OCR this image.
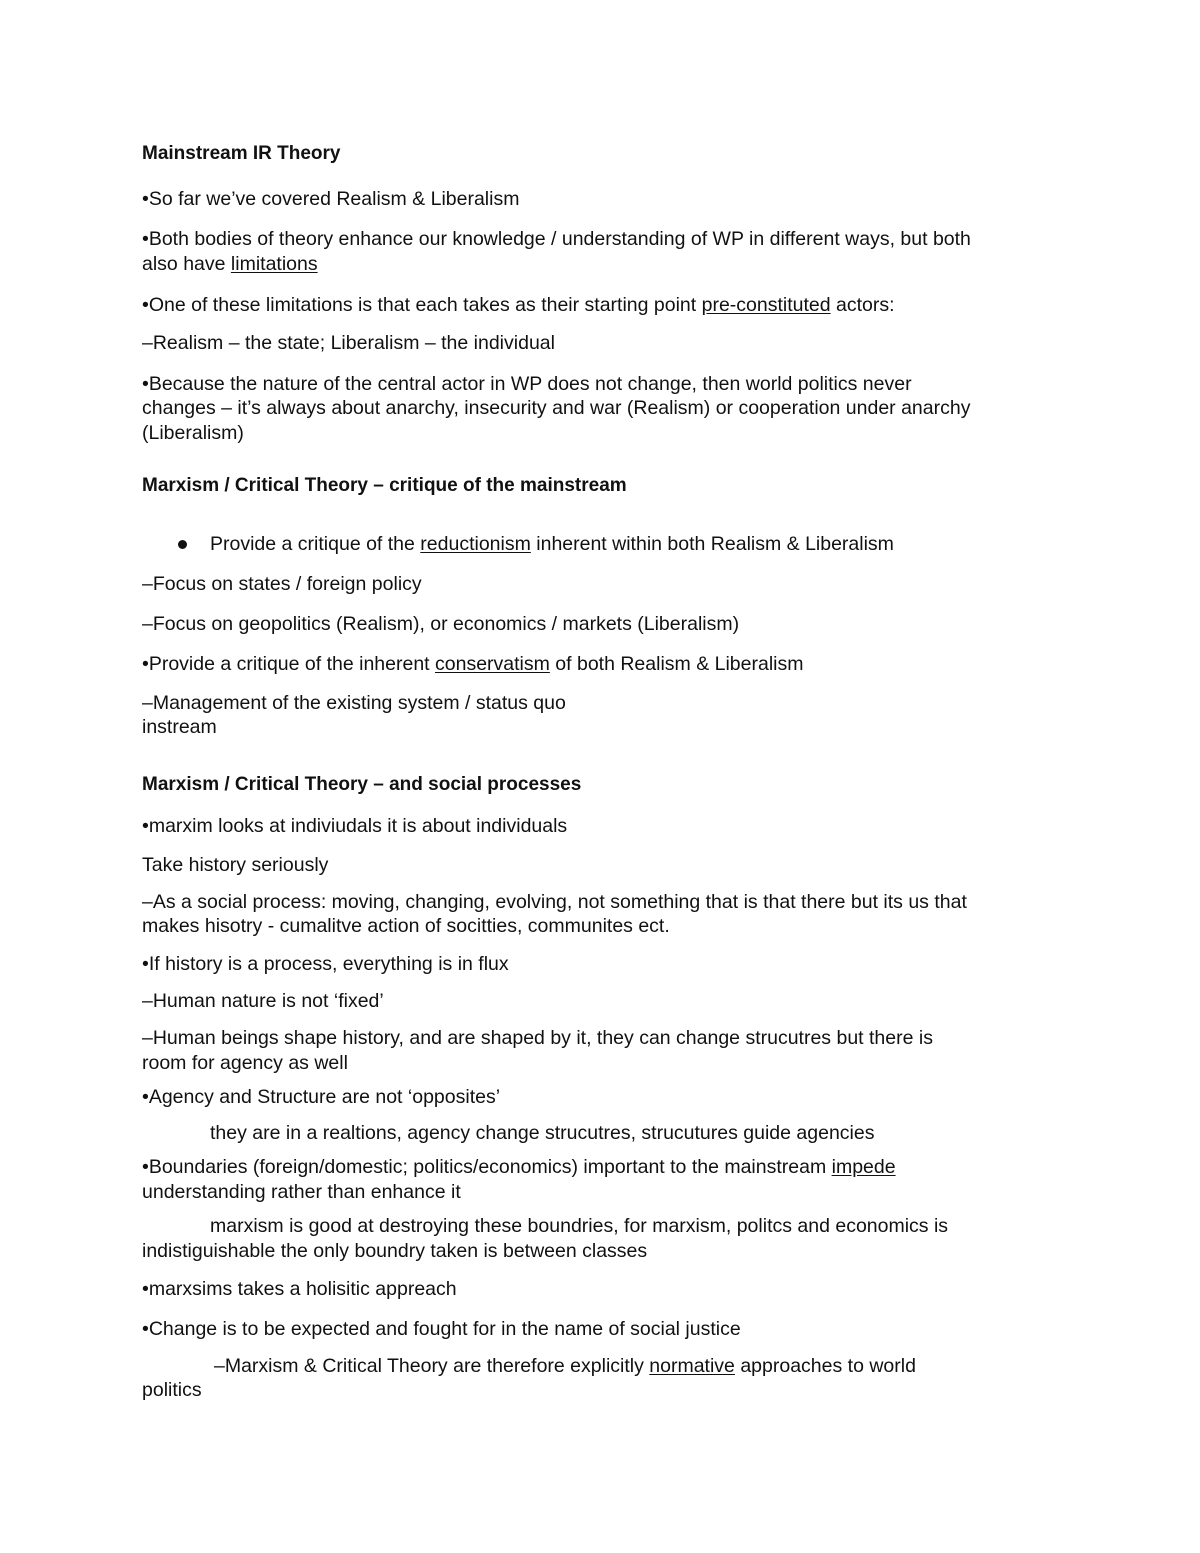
Mainstream IR Theory
•So far we’ve covered Realism & Liberalism
•Both bodies of theory enhance our knowledge / understanding of WP in different ways, but both
also have limitations
•One of these limitations is that each takes as their starting point pre-constituted actors:
–Realism – the state; Liberalism – the individual
•Because the nature of the central actor in WP does not change, then world politics never
changes – it’s always about anarchy, insecurity and war (Realism) or cooperation under anarchy
(Liberalism)
Marxism / Critical Theory – critique of the mainstream
Provide a critique of the reductionism inherent within both Realism & Liberalism
–Focus on states / foreign policy
–Focus on geopolitics (Realism), or economics / markets (Liberalism)
•Provide a critique of the inherent conservatism of both Realism & Liberalism
–Management of the existing system / status quo
instream
Marxism / Critical Theory – and social processes
•marxim looks at indiviudals it is about individuals
Take history seriously
–As a social process: moving, changing, evolving, not something that is that there but its us that
makes hisotry - cumalitve action of socitties, communites ect.
•If history is a process, everything is in flux
–Human nature is not ‘fixed’
–Human beings shape history, and are shaped by it, they can change strucutres but there is
room for agency as well
•Agency and Structure are not ‘opposites’
they are in a realtions, agency change strucutres, strucutures guide agencies
•Boundaries (foreign/domestic; politics/economics) important to the mainstream impede
understanding rather than enhance it
marxism is good at destroying these boundries, for marxism, politcs and economics is
indistiguishable the only boundry taken is between classes
•marxsims takes a holisitic appreach
•Change is to be expected and fought for in the name of social justice
–Marxism & Critical Theory are therefore explicitly normative approaches to world
politics
